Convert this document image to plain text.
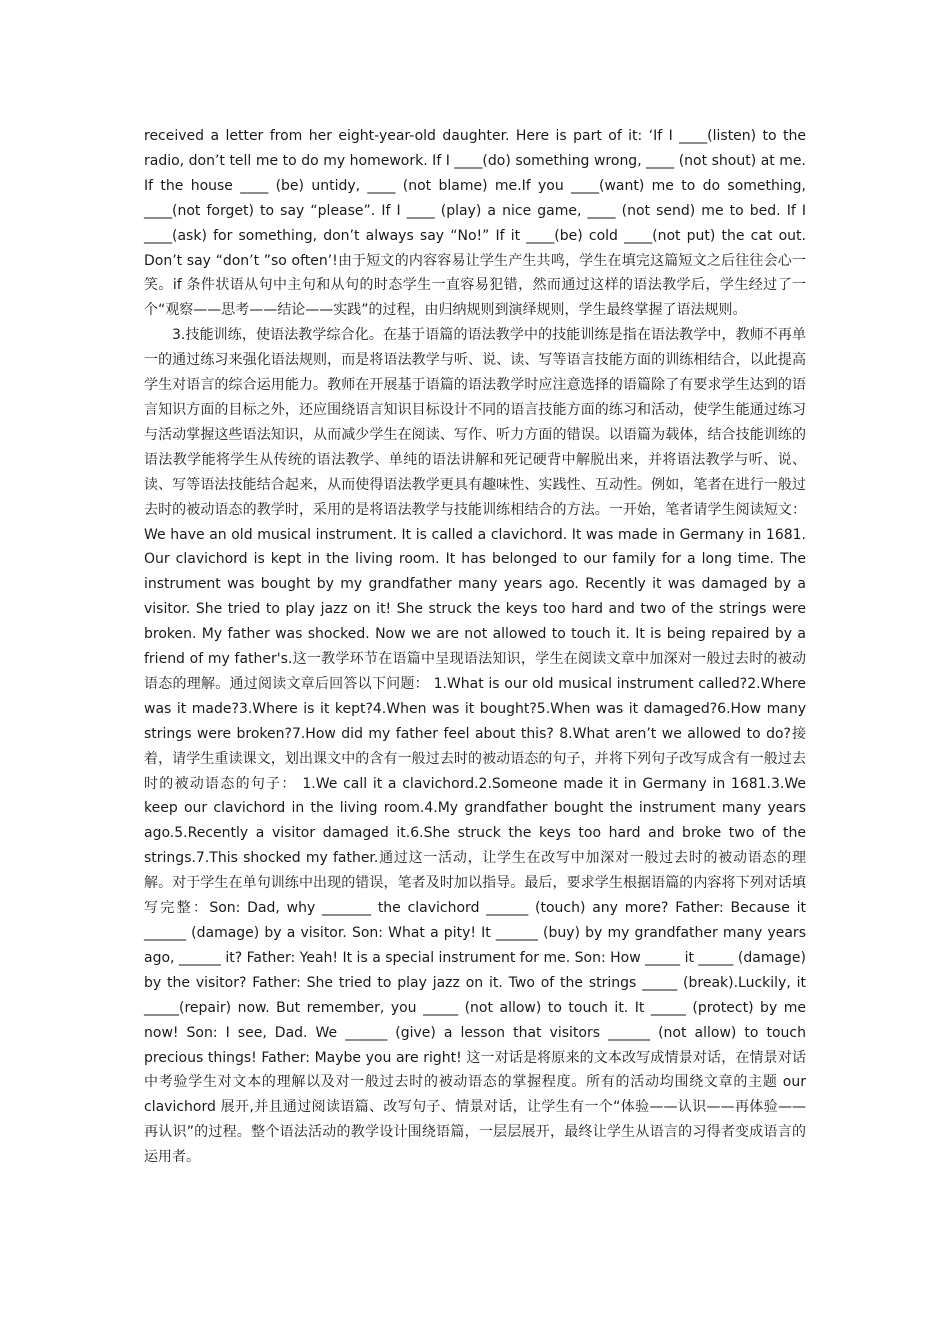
received a letter from her eight-year-old daughter. Here is part of it: ‘If I ____(listen) to the radio, don’t tell me to do my homework. If I ____(do) something wrong, ____ (not shout) at me. If the house ____ (be) untidy, ____ (not blame) me.If you ____(want) me to do something, ____(not forget) to say “please”. If I ____ (play) a nice game, ____ (not send) me to bed. If I ____(ask) for something, don’t always say “No!” If it ____(be) cold ____(not put) the cat out. Don’t say “don’t ”so often’!由于短文的内容容易让学生产生共鸣，学生在填完这篇短文之后往往会心一笑。if 条件状语从句中主句和从句的时态学生一直容易犯错，然而通过这样的语法教学后，学生经过了一个“观察——思考——结论——实践”的过程，由归纳规则到演绎规则，学生最终掌握了语法规则。

3.技能训练，使语法教学综合化。在基于语篇的语法教学中的技能训练是指在语法教学中，教师不再单一的通过练习来强化语法规则，而是将语法教学与听、说、读、写等语言技能方面的训练相结合，以此提高学生对语言的综合运用能力。教师在开展基于语篇的语法教学时应注意选择的语篇除了有要求学生达到的语言知识方面的目标之外，还应围绕语言知识目标设计不同的语言技能方面的练习和活动，使学生能通过练习与活动掌握这些语法知识，从而减少学生在阅读、写作、听力方面的错误。以语篇为载体，结合技能训练的语法教学能将学生从传统的语法教学、单纯的语法讲解和死记硬背中解脱出来，并将语法教学与听、说、读、写等语法技能结合起来，从而使得语法教学更具有趣味性、实践性、互动性。例如，笔者在进行一般过去时的被动语态的教学时，采用的是将语法教学与技能训练相结合的方法。一开始，笔者请学生阅读短文：We have an old musical instrument. It is called a clavichord. It was made in Germany in 1681. Our clavichord is kept in the living room. It has belonged to our family for a long time. The instrument was bought by my grandfather many years ago. Recently it was damaged by a visitor. She tried to play jazz on it! She struck the keys too hard and two of the strings were broken. My father was shocked. Now we are not allowed to touch it. It is being repaired by a friend of my father's.这一教学环节在语篇中呈现语法知识，学生在阅读文章中加深对一般过去时的被动语态的理解。通过阅读文章后回答以下问题： 1.What is our old musical instrument called?2.Where was it made?3.Where is it kept?4.When was it bought?5.When was it damaged?6.How many strings were broken?7.How did my father feel about this? 8.What aren’t we allowed to do?接着，请学生重读课文，划出课文中的含有一般过去时的被动语态的句子，并将下列句子改写成含有一般过去时的被动语态的句子： 1.We call it a clavichord.2.Someone made it in Germany in 1681.3.We keep our clavichord in the living room.4.My grandfather bought the instrument many years ago.5.Recently a visitor damaged it.6.She struck the keys too hard and broke two of the strings.7.This shocked my father.通过这一活动，让学生在改写中加深对一般过去时的被动语态的理解。对于学生在单句训练中出现的错误，笔者及时加以指导。最后，要求学生根据语篇的内容将下列对话填写完整：Son: Dad, why _______ the clavichord ______ (touch) any more? Father: Because it ______ (damage) by a visitor. Son: What a pity! It ______ (buy) by my grandfather many years ago, ______ it? Father: Yeah! It is a special instrument for me. Son: How _____ it _____ (damage) by the visitor? Father: She tried to play jazz on it. Two of the strings _____ (break).Luckily, it _____(repair) now. But remember, you _____ (not allow) to touch it. It _____ (protect) by me now! Son: I see, Dad. We ______ (give) a lesson that visitors ______ (not allow) to touch precious things! Father: Maybe you are right! 这一对话是将原来的文本改写成情景对话，在情景对话中考验学生对文本的理解以及对一般过去时的被动语态的掌握程度。所有的活动均围绕文章的主题 our clavichord 展开,并且通过阅读语篇、改写句子、情景对话，让学生有一个“体验——认识——再体验——再认识”的过程。整个语法活动的教学设计围绕语篇，一层层展开，最终让学生从语言的习得者变成语言的运用者。
